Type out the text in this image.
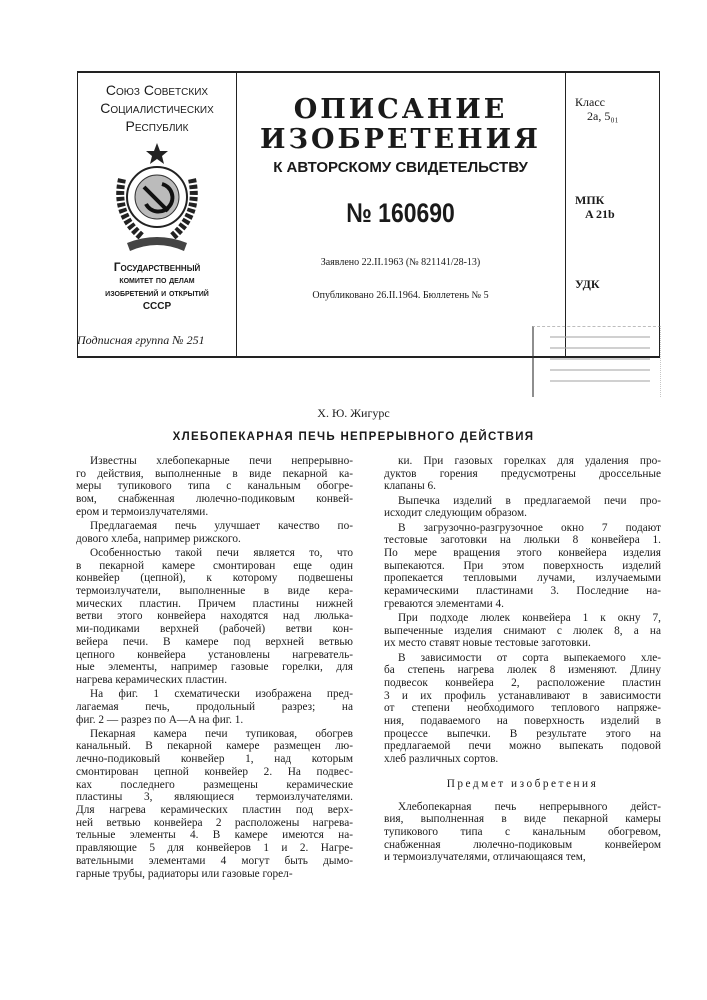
Союз Советских
Социалистических
Республик
Государственный
комитет по делам
изобретений и открытий
СССР
ОПИСАНИЕ
ИЗОБРЕТЕНИЯ
К АВТОРСКОМУ СВИДЕТЕЛЬСТВУ
№ 160690
Заявлено 22.II.1963 (№ 821141/28-13)
Опубликовано 26.II.1964. Бюллетень № 5
Класс
2а, 5₀₁
МПК
A 21b
УДК
Подписная группа № 251
Х. Ю. Жигурс
ХЛЕБОПЕКАРНАЯ ПЕЧЬ НЕПРЕРЫВНОГО ДЕЙСТВИЯ
Известны хлебопекарные печи непрерывно-
го действия, выполненные в виде пекарной ка-
меры тупикового типа с канальным обогре-
вом, снабженная люлечно-подиковым конвей-
ером и термоизлучателями.
Предлагаемая печь улучшает качество по-
дового хлеба, например рижского.
Особенностью такой печи является то, что
в пекарной камере смонтирован еще один
конвейер (цепной), к которому подвешены
термоизлучатели, выполненные в виде кера-
мических пластин. Причем пластины нижней
ветви этого конвейера находятся над люлька-
ми-подиками верхней (рабочей) ветви кон-
вейера печи. В камере под верхней ветвью
цепного конвейера установлены нагреватель-
ные элементы, например газовые горелки, для
нагрева керамических пластин.
На фиг. 1 схематически изображена пред-
лагаемая печь, продольный разрез; на
фиг. 2 — разрез по A—A на фиг. 1.
Пекарная камера печи тупиковая, обогрев
канальный. В пекарной камере размещен лю-
лечно-подиковый конвейер 1, над которым
смонтирован цепной конвейер 2. На подвес-
ках последнего размещены керамические
пластины 3, являющиеся термоизлучателями.
Для нагрева керамических пластин под верх-
ней ветвью конвейера 2 расположены нагрева-
тельные элементы 4. В камере имеются на-
правляющие 5 для конвейеров 1 и 2. Нагре-
вательными элементами 4 могут быть дымо-
гарные трубы, радиаторы или газовые горел-
ки. При газовых горелках для удаления про-
дуктов горения предусмотрены дроссельные
клапаны 6.
Выпечка изделий в предлагаемой печи про-
исходит следующим образом.
В загрузочно-разгрузочное окно 7 подают
тестовые заготовки на люльки 8 конвейера 1.
По мере вращения этого конвейера изделия
выпекаются. При этом поверхность изделий
пропекается тепловыми лучами, излучаемыми
керамическими пластинами 3. Последние на-
греваются элементами 4.
При подходе люлек конвейера 1 к окну 7,
выпеченные изделия снимают с люлек 8, а на
их место ставят новые тестовые заготовки.
В зависимости от сорта выпекаемого хле-
ба степень нагрева люлек 8 изменяют. Длину
подвесок конвейера 2, расположение пластин
3 и их профиль устанавливают в зависимости
от степени необходимого теплового напряже-
ния, подаваемого на поверхность изделий в
процессе выпечки. В результате этого на
предлагаемой печи можно выпекать подовой
хлеб различных сортов.
Предмет изобретения
Хлебопекарная печь непрерывного дейст-
вия, выполненная в виде пекарной камеры
тупикового типа с канальным обогревом,
снабженная люлечно-подиковым конвейером
и термоизлучателями, отличающаяся тем,
